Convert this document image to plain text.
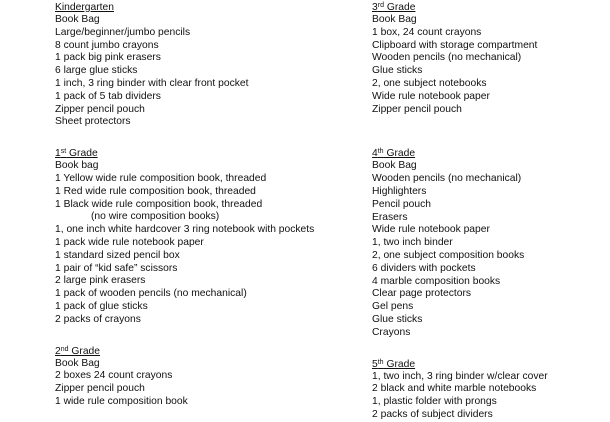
Kindergarten
Book Bag
Large/beginner/jumbo pencils
8 count jumbo crayons
1 pack big pink erasers
6 large glue sticks
1 inch, 3 ring binder with clear front pocket
1 pack of 5 tab dividers
Zipper pencil pouch
Sheet protectors
1st Grade
Book bag
1 Yellow wide rule composition book, threaded
1 Red wide rule composition book, threaded
1 Black wide rule composition book, threaded
(no wire composition books)
1, one inch white hardcover 3 ring notebook with pockets
1 pack wide rule notebook paper
1 standard sized pencil box
1 pair of “kid safe” scissors
2 large pink erasers
1 pack of wooden pencils (no mechanical)
1 pack of glue sticks
2 packs of crayons
2nd Grade
Book Bag
2 boxes 24 count crayons
Zipper pencil pouch
1 wide rule composition book
3rd Grade
Book Bag
1 box, 24 count crayons
Clipboard with storage compartment
Wooden pencils (no mechanical)
Glue sticks
2, one subject notebooks
Wide rule notebook paper
Zipper pencil pouch
4th Grade
Book Bag
Wooden pencils (no mechanical)
Highlighters
Pencil pouch
Erasers
Wide rule notebook paper
1, two inch binder
2, one subject composition books
6 dividers with pockets
4 marble composition books
Clear page protectors
Gel pens
Glue sticks
Crayons
5th Grade
1, two inch, 3 ring binder w/clear cover
2 black and white marble notebooks
1, plastic folder with prongs
2 packs of subject dividers
